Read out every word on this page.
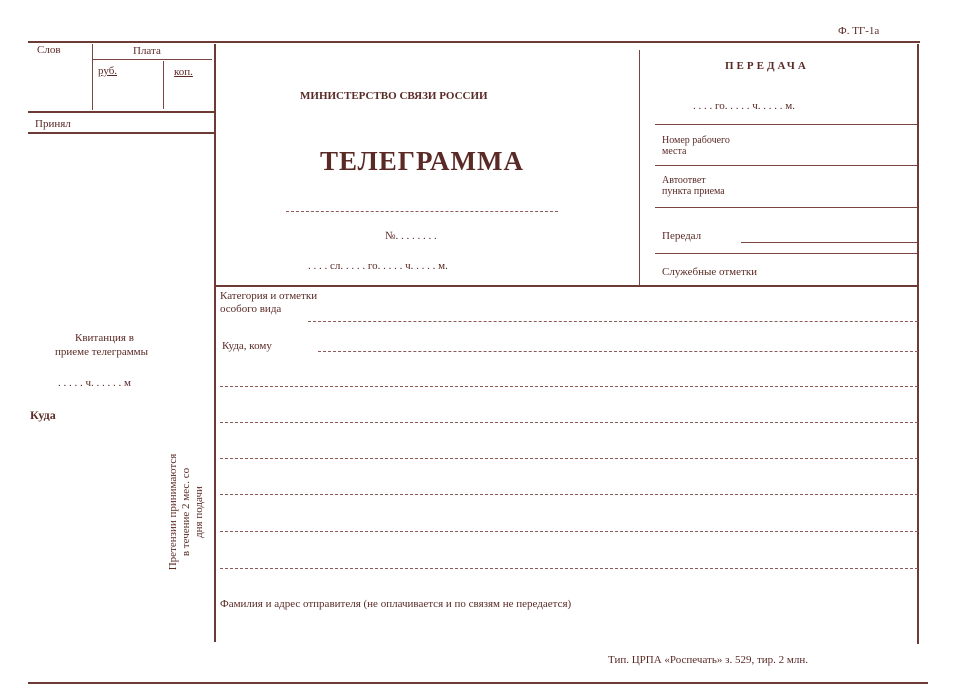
Ф. ТГ-1а
Слов	Плата
руб.	коп.
Принял
Квитанция в
приеме телеграммы
. . . . . ч. . . . . . м
Куда
Претензии принимаются в течение 2 мес. со дня подачи
МИНИСТЕРСТВО СВЯЗИ РОССИИ
ТЕЛЕГРАММА
№. . . . . . . .
. . . . сл. . . . . го. . . . . ч. . . . . м.
ПЕРЕДАЧА
. . . . го. . . . . ч. . . . . м.
Номер рабочего
места
Автоответ
пункта приема
Передал
Служебные отметки
Категория и отметки
особого вида
Куда, кому
Фамилия и адрес отправителя (не оплачивается и по связям не передается)
Тип. ЦРПА «Роспечать» з. 529, тир. 2 млн.
